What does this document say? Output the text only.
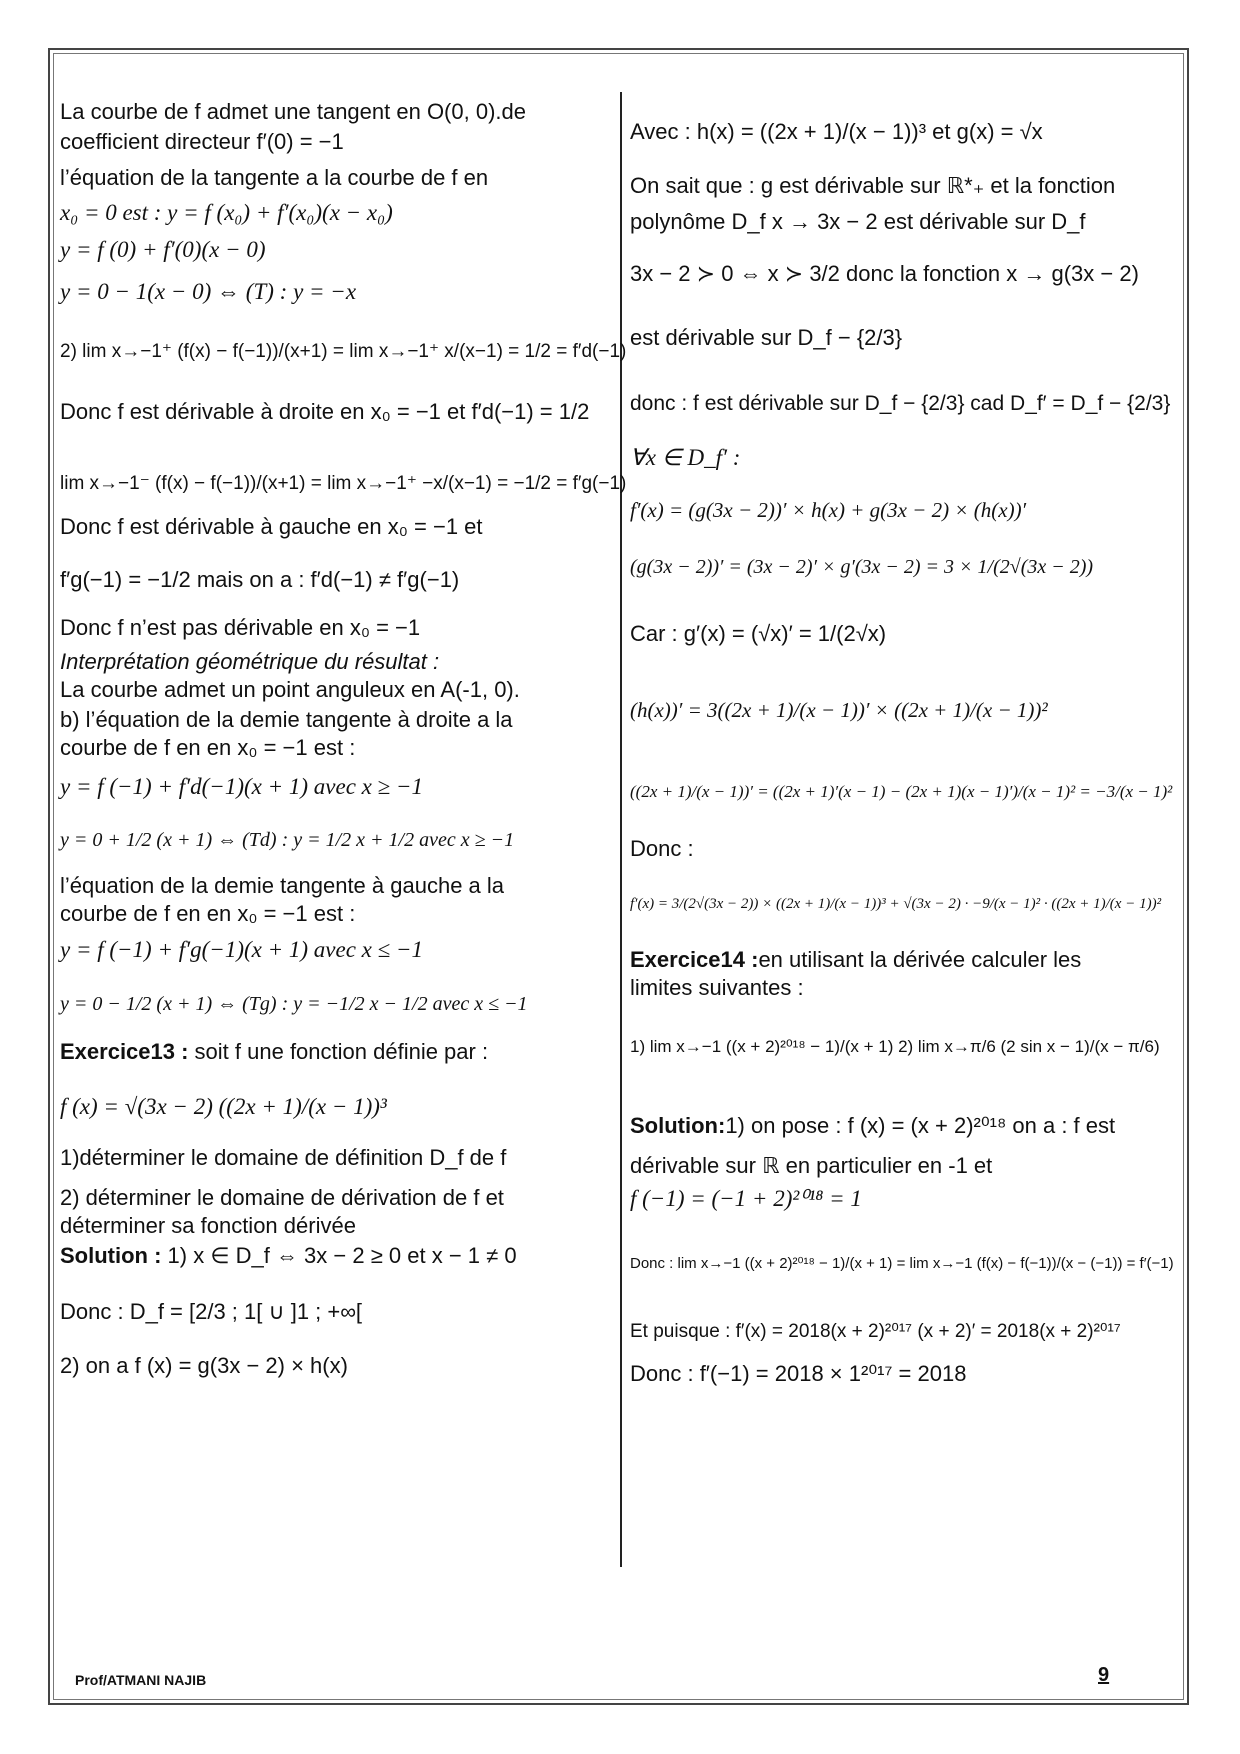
La courbe de f admet une tangent en O(0, 0).de
coefficient directeur f′(0) = −1
l’équation de la tangente a la courbe de f en
x₀ = 0 est : y = f (x₀) + f′(x₀)(x − x₀)
y = f (0) + f′(0)(x − 0)
y = 0 − 1(x − 0) ⇔ (T) : y = −x
2) lim x→−1⁺ (f(x) − f(−1))/(x+1) = lim x→−1⁺ x/(x−1) = 1/2 = f′d(−1)
Donc f est dérivable à droite en x₀ = −1 et f′d(−1) = 1/2
lim x→−1⁻ (f(x) − f(−1))/(x+1) = lim x→−1⁺ −x/(x−1) = −1/2 = f′g(−1)
Donc f est dérivable à gauche en x₀ = −1 et
f′g(−1) = −1/2 mais on a : f′d(−1) ≠ f′g(−1)
Donc f n’est pas dérivable en x₀ = −1
Interprétation géométrique du résultat :
La courbe admet un point anguleux en A(-1, 0).
b) l’équation de la demie tangente à droite a la
courbe de f en en x₀ = −1 est :
y = f (−1) + f′d(−1)(x + 1) avec x ≥ −1
y = 0 + 1/2 (x + 1) ⇔ (Td) : y = 1/2 x + 1/2 avec x ≥ −1
l’équation de la demie tangente à gauche a la
courbe de f en en x₀ = −1 est :
y = f (−1) + f′g(−1)(x + 1) avec x ≤ −1
y = 0 − 1/2 (x + 1) ⇔ (Tg) : y = −1/2 x − 1/2 avec x ≤ −1
Exercice13 : soit f une fonction définie par :
f (x) = √(3x − 2) ((2x + 1)/(x − 1))³
1)déterminer le domaine de définition D_f de f
2) déterminer le domaine de dérivation de f et
déterminer sa fonction dérivée
Solution : 1) x ∈ D_f ⇔ 3x − 2 ≥ 0 et x − 1 ≠ 0
Donc : D_f = [2/3 ; 1[ ∪ ]1 ; +∞[
2) on a f (x) = g(3x − 2) × h(x)
Avec : h(x) = ((2x + 1)/(x − 1))³ et g(x) = √x
On sait que : g est dérivable sur ℝ*₊ et la fonction
polynôme D_f x → 3x − 2 est dérivable sur D_f
3x − 2 ≻ 0 ⇔ x ≻ 3/2 donc la fonction x → g(3x − 2)
est dérivable sur D_f − {2/3}
donc : f est dérivable sur D_f − {2/3} cad D_f′ = D_f − {2/3}
∀x ∈ D_f′ :
f′(x) = (g(3x − 2))′ × h(x) + g(3x − 2) × (h(x))′
(g(3x − 2))′ = (3x − 2)′ × g′(3x − 2) = 3 × 1/(2√(3x − 2))
Car : g′(x) = (√x)′ = 1/(2√x)
(h(x))′ = 3((2x + 1)/(x − 1))′ × ((2x + 1)/(x − 1))²
((2x + 1)/(x − 1))′ = ((2x + 1)′(x − 1) − (2x + 1)(x − 1)′)/(x − 1)² = −3/(x − 1)²
Donc :
f′(x) = 3/(2√(3x − 2)) × ((2x + 1)/(x − 1))³ + √(3x − 2) · −9/(x − 1)² · ((2x + 1)/(x − 1))²
Exercice14 :en utilisant la dérivée calculer les
limites suivantes :
1) lim x→−1 ((x + 2)²⁰¹⁸ − 1)/(x + 1) 2) lim x→π/6 (2 sin x − 1)/(x − π/6)
Solution:1) on pose : f (x) = (x + 2)²⁰¹⁸ on a : f est
dérivable sur ℝ en particulier en -1 et
f (−1) = (−1 + 2)²⁰¹⁸ = 1
Donc : lim x→−1 ((x + 2)²⁰¹⁸ − 1)/(x + 1) = lim x→−1 (f(x) − f(−1))/(x − (−1)) = f′(−1)
Et puisque : f′(x) = 2018(x + 2)²⁰¹⁷ (x + 2)′ = 2018(x + 2)²⁰¹⁷
Donc : f′(−1) = 2018 × 1²⁰¹⁷ = 2018
Prof/ATMANI NAJIB	9
